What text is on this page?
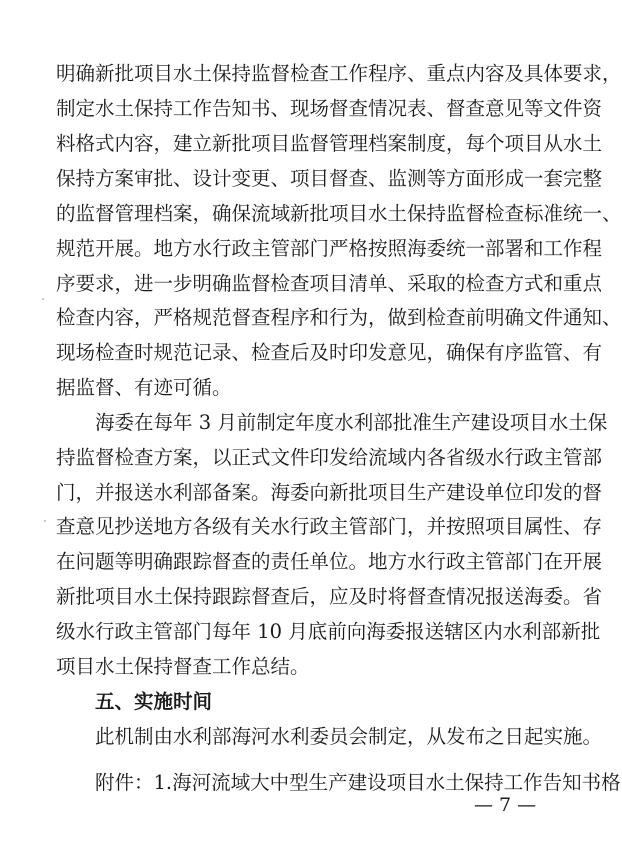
明确新批项目水土保持监督检查工作程序、重点内容及具体要求，
制定水土保持工作告知书、现场督查情况表、督查意见等文件资
料格式内容，建立新批项目监督管理档案制度，每个项目从水土
保持方案审批、设计变更、项目督查、监测等方面形成一套完整
的监督管理档案，确保流域新批项目水土保持监督检查标准统一、
规范开展。地方水行政主管部门严格按照海委统一部署和工作程
序要求，进一步明确监督检查项目清单、采取的检查方式和重点
检查内容，严格规范督查程序和行为，做到检查前明确文件通知、
现场检查时规范记录、检查后及时印发意见，确保有序监管、有
据监督、有迹可循。
海委在每年 3 月前制定年度水利部批准生产建设项目水土保
持监督检查方案，以正式文件印发给流域内各省级水行政主管部
门，并报送水利部备案。海委向新批项目生产建设单位印发的督
查意见抄送地方各级有关水行政主管部门，并按照项目属性、存
在问题等明确跟踪督查的责任单位。地方水行政主管部门在开展
新批项目水土保持跟踪督查后，应及时将督查情况报送海委。省
级水行政主管部门每年 10 月底前向海委报送辖区内水利部新批
项目水土保持督查工作总结。
五、实施时间
此机制由水利部海河水利委员会制定，从发布之日起实施。
附件：1.海河流域大中型生产建设项目水土保持工作告知书格
— 7 —
